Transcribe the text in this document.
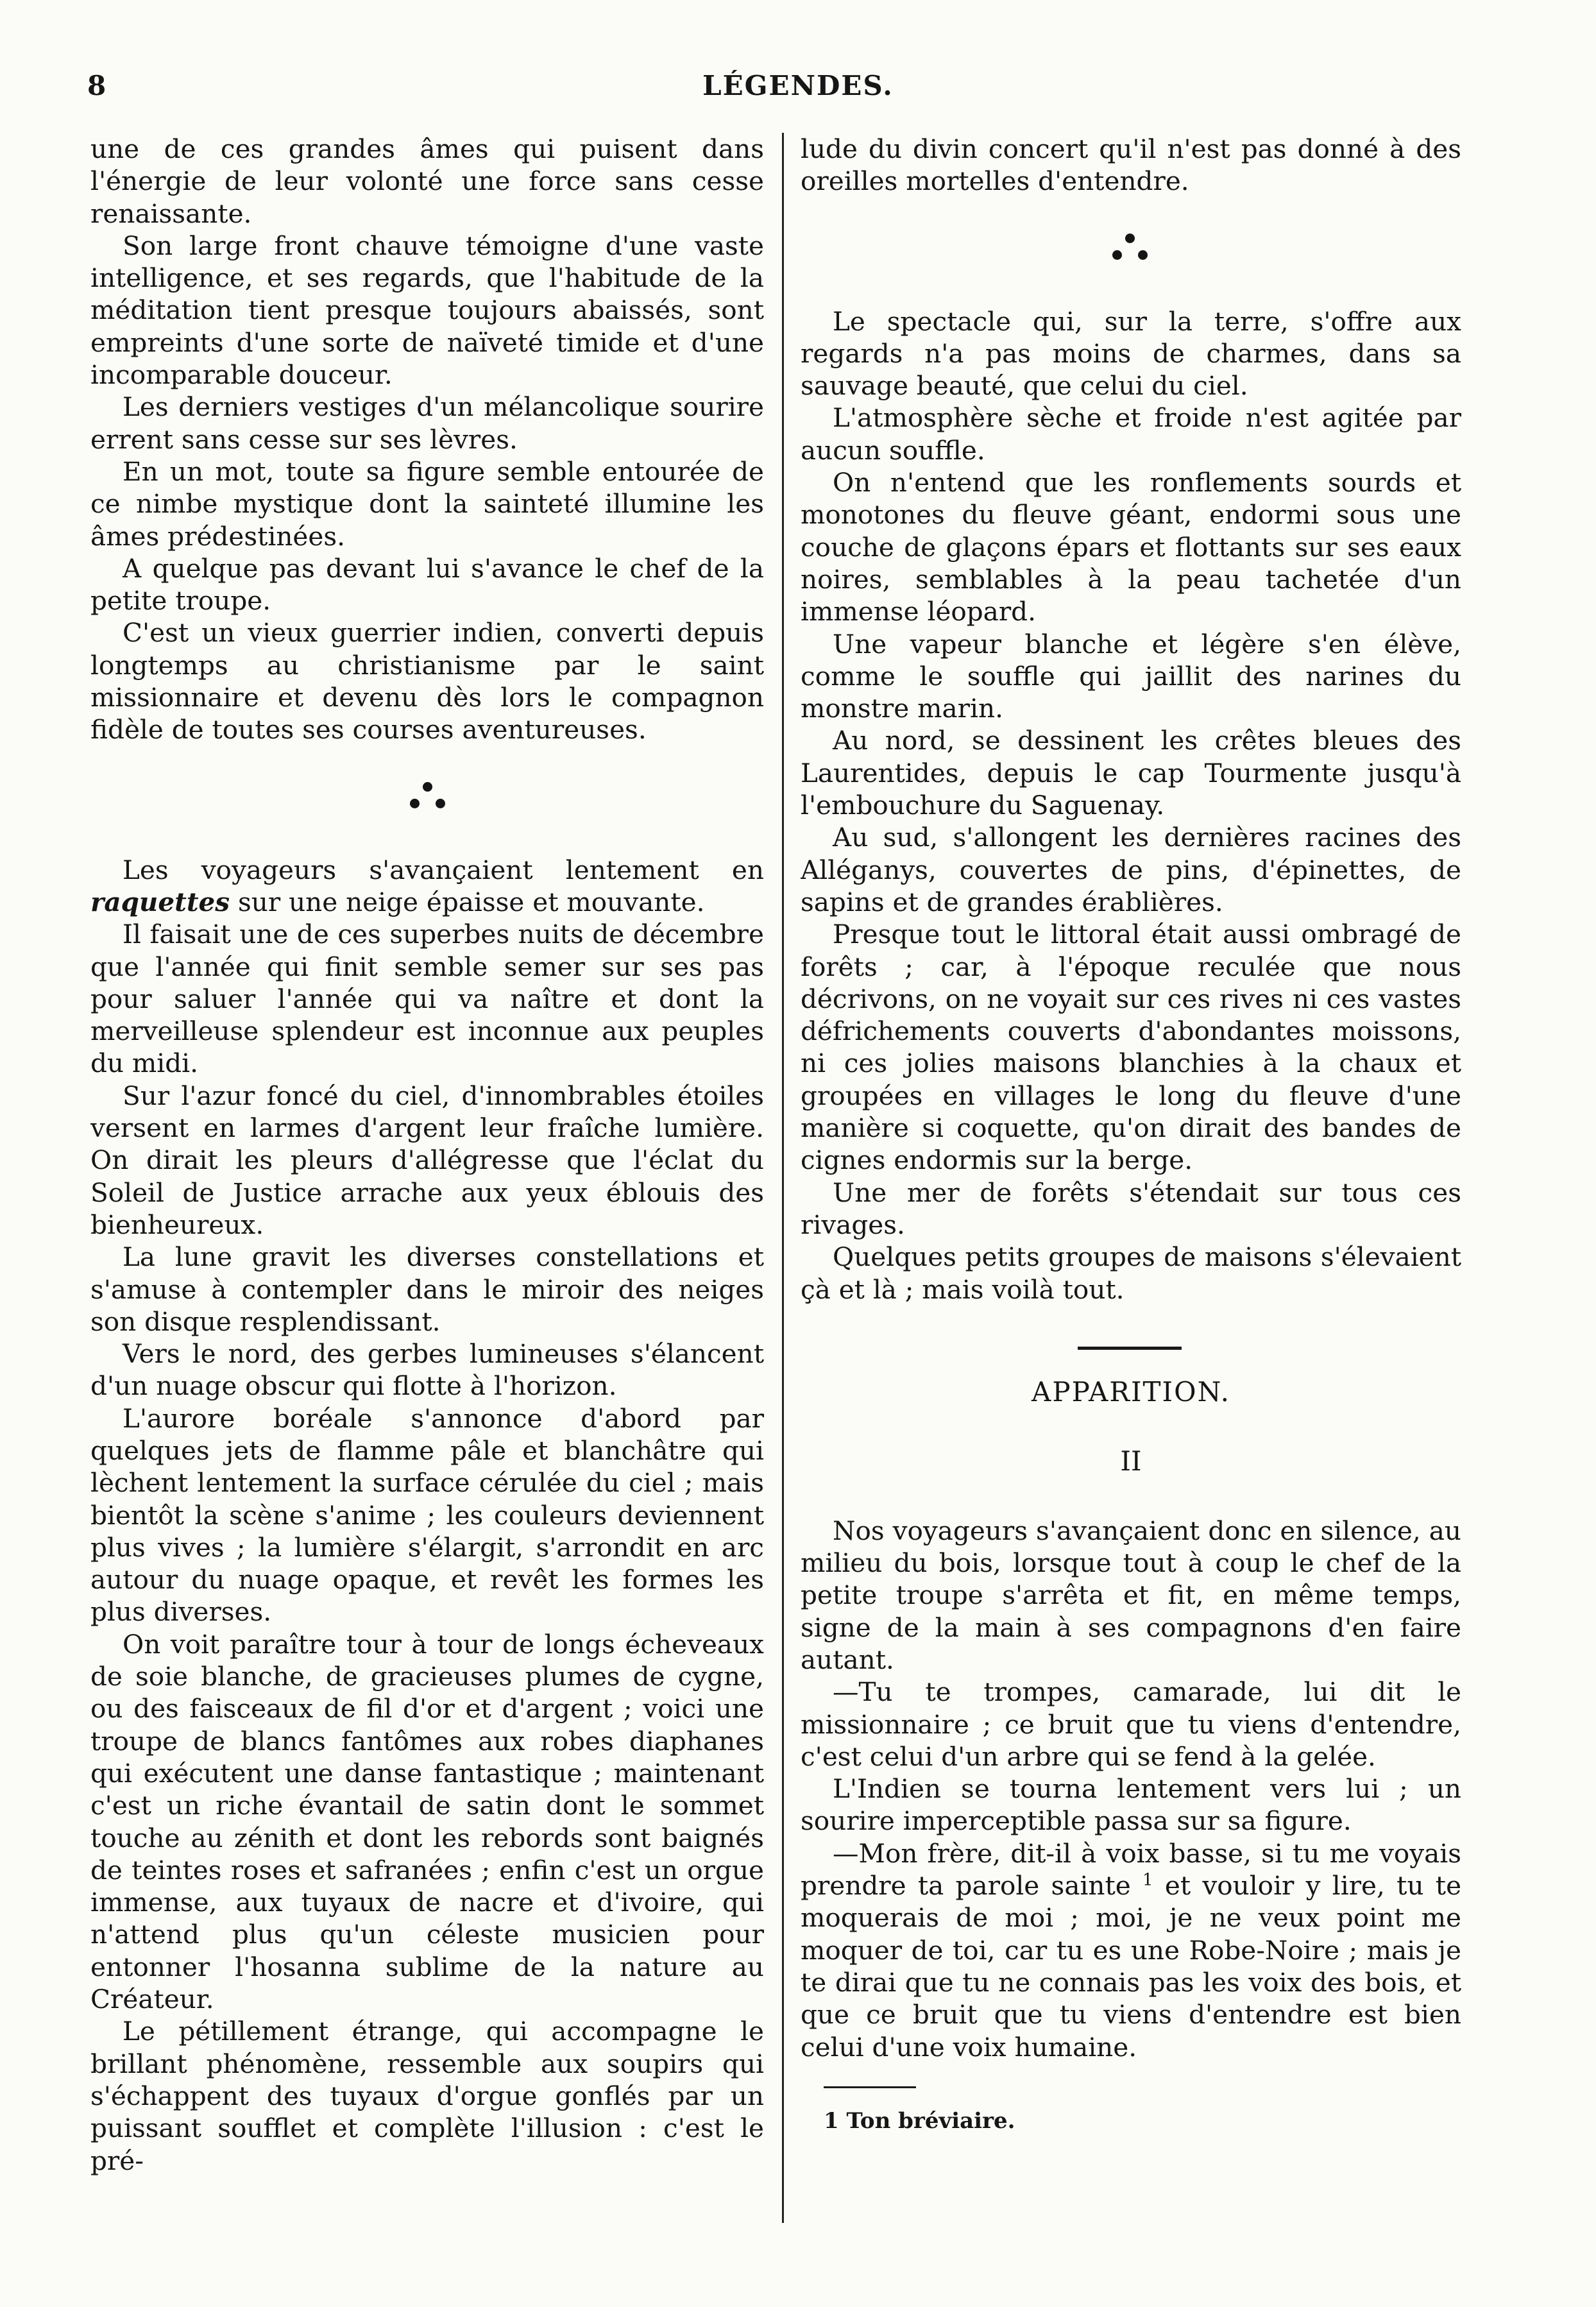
8	LÉGENDES.

une de ces grandes âmes qui puisent dans l'énergie de leur volonté une force sans cesse renaissante.

Son large front chauve témoigne d'une vaste intelligence, et ses regards, que l'habitude de la méditation tient presque toujours abaissés, sont empreints d'une sorte de naïveté timide et d'une incomparable douceur.

Les derniers vestiges d'un mélancolique sourire errent sans cesse sur ses lèvres.

En un mot, toute sa figure semble entourée de ce nimbe mystique dont la sainteté illumine les âmes prédestinées.

A quelque pas devant lui s'avance le chef de la petite troupe.

C'est un vieux guerrier indien, converti depuis longtemps au christianisme par le saint missionnaire et devenu dès lors le compagnon fidèle de toutes ses courses aventureuses.

Les voyageurs s'avançaient lentement en raquettes sur une neige épaisse et mouvante.

Il faisait une de ces superbes nuits de décembre que l'année qui finit semble semer sur ses pas pour saluer l'année qui va naître et dont la merveilleuse splendeur est inconnue aux peuples du midi.

Sur l'azur foncé du ciel, d'innombrables étoiles versent en larmes d'argent leur fraîche lumière. On dirait les pleurs d'allégresse que l'éclat du Soleil de Justice arrache aux yeux éblouis des bienheureux.

La lune gravit les diverses constellations et s'amuse à contempler dans le miroir des neiges son disque resplendissant.

Vers le nord, des gerbes lumineuses s'élancent d'un nuage obscur qui flotte à l'horizon.

L'aurore boréale s'annonce d'abord par quelques jets de flamme pâle et blanchâtre qui lèchent lentement la surface cérulée du ciel ; mais bientôt la scène s'anime ; les couleurs deviennent plus vives ; la lumière s'élargit, s'arrondit en arc autour du nuage opaque, et revêt les formes les plus diverses.

On voit paraître tour à tour de longs écheveaux de soie blanche, de gracieuses plumes de cygne, ou des faisceaux de fil d'or et d'argent ; voici une troupe de blancs fantômes aux robes diaphanes qui exécutent une danse fantastique ; maintenant c'est un riche évantail de satin dont le sommet touche au zénith et dont les rebords sont baignés de teintes roses et safranées ; enfin c'est un orgue immense, aux tuyaux de nacre et d'ivoire, qui n'attend plus qu'un céleste musicien pour entonner l'hosanna sublime de la nature au Créateur.

Le pétillement étrange, qui accompagne le brillant phénomène, ressemble aux soupirs qui s'échappent des tuyaux d'orgue gonflés par un puissant soufflet et complète l'illusion : c'est le pré-

lude du divin concert qu'il n'est pas donné à des oreilles mortelles d'entendre.

Le spectacle qui, sur la terre, s'offre aux regards n'a pas moins de charmes, dans sa sauvage beauté, que celui du ciel.

L'atmosphère sèche et froide n'est agitée par aucun souffle.

On n'entend que les ronflements sourds et monotones du fleuve géant, endormi sous une couche de glaçons épars et flottants sur ses eaux noires, semblables à la peau tachetée d'un immense léopard.

Une vapeur blanche et légère s'en élève, comme le souffle qui jaillit des narines du monstre marin.

Au nord, se dessinent les crêtes bleues des Laurentides, depuis le cap Tourmente jusqu'à l'embouchure du Saguenay.

Au sud, s'allongent les dernières racines des Alléganys, couvertes de pins, d'épinettes, de sapins et de grandes érablières.

Presque tout le littoral était aussi ombragé de forêts ; car, à l'époque reculée que nous décrivons, on ne voyait sur ces rives ni ces vastes défrichements couverts d'abondantes moissons, ni ces jolies maisons blanchies à la chaux et groupées en villages le long du fleuve d'une manière si coquette, qu'on dirait des bandes de cignes endormis sur la berge.

Une mer de forêts s'étendait sur tous ces rivages.

Quelques petits groupes de maisons s'élevaient çà et là ; mais voilà tout.

APPARITION.

II

Nos voyageurs s'avançaient donc en silence, au milieu du bois, lorsque tout à coup le chef de la petite troupe s'arrêta et fit, en même temps, signe de la main à ses compagnons d'en faire autant.

—Tu te trompes, camarade, lui dit le missionnaire ; ce bruit que tu viens d'entendre, c'est celui d'un arbre qui se fend à la gelée.

L'Indien se tourna lentement vers lui ; un sourire imperceptible passa sur sa figure.

—Mon frère, dit-il à voix basse, si tu me voyais prendre ta parole sainte $^1$ et vouloir y lire, tu te moquerais de moi ; moi, je ne veux point me moquer de toi, car tu es une Robe-Noire ; mais je te dirai que tu ne connais pas les voix des bois, et que ce bruit que tu viens d'entendre est bien celui d'une voix humaine.

1 Ton bréviaire.
